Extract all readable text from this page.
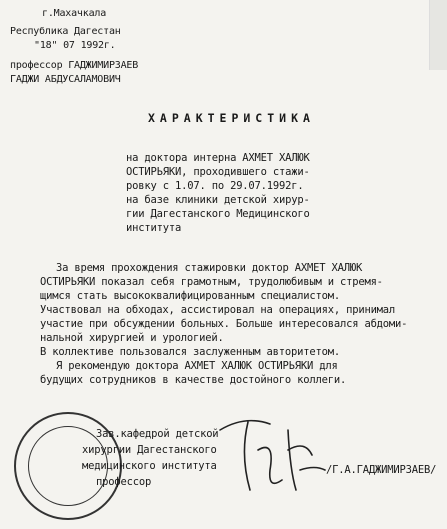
г.Махачкала
Республика Дагестан
"18" 07 1992г.
профессор ГАДЖИМИРЗАЕВ
ГАДЖИ АБДУСАЛАМОВИЧ
ХАРАКТЕРИСТИКА
на доктора интерна АХМЕТ ХАЛЮК
ОСТИРЬЯКИ, проходившего стажи-
ровку с 1.07. по 29.07.1992г.
на базе клиники детской хирур-
гии Дагестанского Медицинского
института
За время прохождения стажировки доктор АХМЕТ ХАЛЮК
ОСТИРЬЯКИ показал себя грамотным, трудолюбивым и стремя-
щимся стать высококвалифицированным специалистом.
Участвовал на обходах, ассистировал на операциях, принимал
участие при обсуждении больных. Больше интересовался абдоми-
нальной хирургией и урологией.
В коллективе пользовался заслуженным авторитетом.
Я рекомендую доктора АХМЕТ ХАЛЮК ОСТИРЬЯКИ для
будущих сотрудников в качестве достойного коллеги.
Зав.кафедрой детской
хирургии Дагестанского
медицинского института
профессор
/Г.А.ГАДЖИМИРЗАЕВ/
